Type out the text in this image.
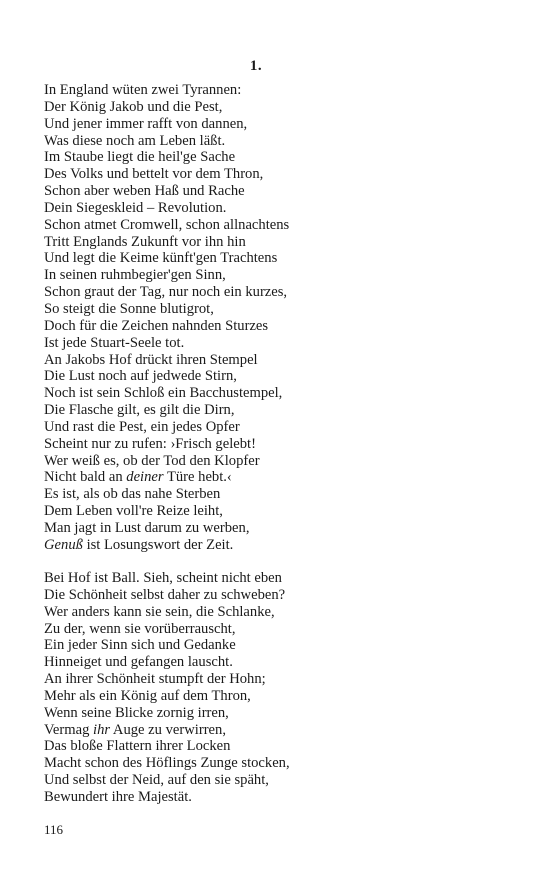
1.
In England wüten zwei Tyrannen:
Der König Jakob und die Pest,
Und jener immer rafft von dannen,
Was diese noch am Leben läßt.
Im Staube liegt die heil'ge Sache
Des Volks und bettelt vor dem Thron,
Schon aber weben Haß und Rache
Dein Siegeskleid – Revolution.
Schon atmet Cromwell, schon allnachtens
Tritt Englands Zukunft vor ihn hin
Und legt die Keime künft'gen Trachtens
In seinen ruhmbegier'gen Sinn,
Schon graut der Tag, nur noch ein kurzes,
So steigt die Sonne blutigrot,
Doch für die Zeichen nahnden Sturzes
Ist jede Stuart-Seele tot.
An Jakobs Hof drückt ihren Stempel
Die Lust noch auf jedwede Stirn,
Noch ist sein Schloß ein Bacchustempel,
Die Flasche gilt, es gilt die Dirn,
Und rast die Pest, ein jedes Opfer
Scheint nur zu rufen: ›Frisch gelebt!
Wer weiß es, ob der Tod den Klopfer
Nicht bald an deiner Türe hebt.‹
Es ist, als ob das nahe Sterben
Dem Leben voll're Reize leiht,
Man jagt in Lust darum zu werben,
Genuß ist Losungswort der Zeit.
Bei Hof ist Ball. Sieh, scheint nicht eben
Die Schönheit selbst daher zu schweben?
Wer anders kann sie sein, die Schlanke,
Zu der, wenn sie vorüberrauscht,
Ein jeder Sinn sich und Gedanke
Hinneiget und gefangen lauscht.
An ihrer Schönheit stumpft der Hohn;
Mehr als ein König auf dem Thron,
Wenn seine Blicke zornig irren,
Vermag ihr Auge zu verwirren,
Das bloße Flattern ihrer Locken
Macht schon des Höflings Zunge stocken,
Und selbst der Neid, auf den sie späht,
Bewundert ihre Majestät.
116
